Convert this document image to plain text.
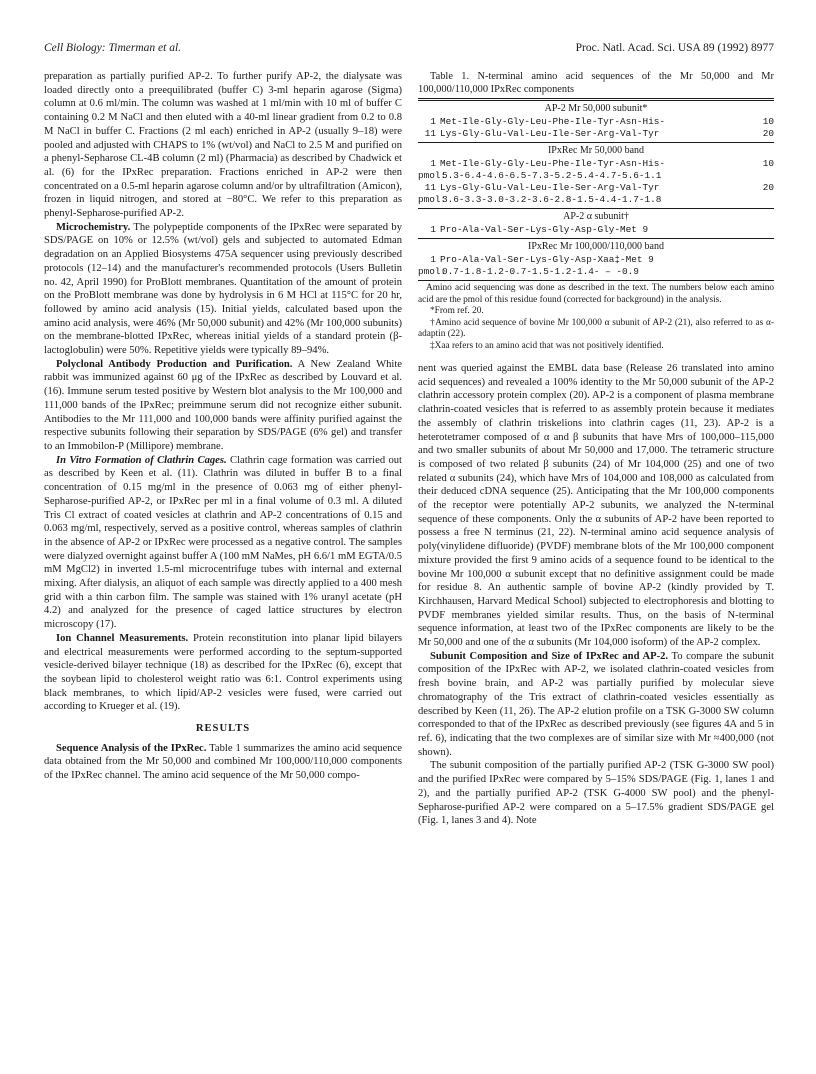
Cell Biology: Timerman et al.	Proc. Natl. Acad. Sci. USA 89 (1992) 8977

preparation as partially purified AP-2. To further purify AP-2, the dialysate was loaded directly onto a preequilibrated (buffer C) 3-ml heparin agarose (Sigma) column at 0.6 ml/min. The column was washed at 1 ml/min with 10 ml of buffer C containing 0.2 M NaCl and then eluted with a 40-ml linear gradient from 0.2 to 0.8 M NaCl in buffer C. Fractions (2 ml each) enriched in AP-2 (usually 9–18) were pooled and adjusted with CHAPS to 1% (wt/vol) and NaCl to 2.5 M and purified on a phenyl-Sepharose CL-4B column (2 ml) (Pharmacia) as described by Chadwick et al. (6) for the IPxRec preparation. Fractions enriched in AP-2 were then concentrated on a 0.5-ml heparin agarose column and/or by ultrafiltration (Amicon), frozen in liquid nitrogen, and stored at −80°C. We refer to this preparation as phenyl-Sepharose-purified AP-2.

Microchemistry. The polypeptide components of the IPxRec were separated by SDS/PAGE on 10% or 12.5% (wt/vol) gels and subjected to automated Edman degradation on an Applied Biosystems 475A sequencer using previously described protocols (12–14) and the manufacturer's recommended protocols (Users Bulletin no. 42, April 1990) for ProBlott membranes. Quantitation of the amount of protein on the ProBlott membrane was done by hydrolysis in 6 M HCl at 115°C for 20 hr, followed by amino acid analysis (15). Initial yields, calculated based upon the amino acid analysis, were 46% (Mr 50,000 subunit) and 42% (Mr 100,000 subunits) on the membrane-blotted IPxRec, whereas initial yields of a standard protein (β-lactoglobulin) were 50%. Repetitive yields were typically 89–94%.

Polyclonal Antibody Production and Purification. A New Zealand White rabbit was immunized against 60 μg of the IPxRec as described by Louvard et al. (16). Immune serum tested positive by Western blot analysis to the Mr 100,000 and 111,000 bands of the IPxRec; preimmune serum did not recognize either subunit. Antibodies to the Mr 111,000 and 100,000 bands were affinity purified against the respective subunits following their separation by SDS/PAGE (6% gel) and transfer to an Immobilon-P (Millipore) membrane.

In Vitro Formation of Clathrin Cages. Clathrin cage formation was carried out as described by Keen et al. (11). Clathrin was diluted in buffer B to a final concentration of 0.15 mg/ml in the presence of 0.063 mg of either phenyl-Sepharose-purified AP-2, or IPxRec per ml in a final volume of 0.3 ml. A diluted Tris Cl extract of coated vesicles at clathrin and AP-2 concentrations of 0.15 and 0.063 mg/ml, respectively, served as a positive control, whereas samples of clathrin in the absence of AP-2 or IPxRec were processed as a negative control. The samples were dialyzed overnight against buffer A (100 mM NaMes, pH 6.6/1 mM EGTA/0.5 mM MgCl2) in inverted 1.5-ml microcentrifuge tubes with internal and external mixing. After dialysis, an aliquot of each sample was directly applied to a 400 mesh grid with a thin carbon film. The sample was stained with 1% uranyl acetate (pH 4.2) and analyzed for the presence of caged lattice structures by electron microscopy (17).

Ion Channel Measurements. Protein reconstitution into planar lipid bilayers and electrical measurements were performed according to the septum-supported vesicle-derived bilayer technique (18) as described for the IPxRec (6), except that the soybean lipid to cholesterol weight ratio was 6:1. Control experiments using black membranes, to which lipid/AP-2 vesicles were fused, were carried out according to Krueger et al. (19).

RESULTS

Sequence Analysis of the IPxRec. Table 1 summarizes the amino acid sequence data obtained from the Mr 50,000 and combined Mr 100,000/110,000 components of the IPxRec channel. The amino acid sequence of the Mr 50,000 compo-

Table 1. N-terminal amino acid sequences of the Mr 50,000 and Mr 100,000/110,000 IPxRec components

AP-2 Mr 50,000 subunit*
1 Met-Ile-Gly-Gly-Leu-Phe-Ile-Tyr-Asn-His-	10
11 Lys-Gly-Glu-Val-Leu-Ile-Ser-Arg-Val-Tyr	20
IPxRec Mr 50,000 band
1 Met-Ile-Gly-Gly-Leu-Phe-Ile-Tyr-Asn-His-	10
pmol:
5.3-6.4-4.6-6.5-7.3-5.2-5.4-4.7-5.6-1.1
11 Lys-Gly-Glu-Val-Leu-Ile-Ser-Arg-Val-Tyr	20
pmol:
3.6-3.3-3.0-3.2-3.6-2.8-1.5-4.4-1.7-1.8
AP-2 α subunit†
1 Pro-Ala-Val-Ser-Lys-Gly-Asp-Gly-Met 9
IPxRec Mr 100,000/110,000 band
1 Pro-Ala-Val-Ser-Lys-Gly-Asp-Xaa‡-Met 9
pmol:
0.7-1.8-1.2-0.7-1.5-1.2-1.4- – -0.9

Amino acid sequencing was done as described in the text. The numbers below each amino acid are the pmol of this residue found (corrected for background) in the analysis.

*From ref. 20.

†Amino acid sequence of bovine Mr 100,000 α subunit of AP-2 (21), also referred to as α-adaptin (22).

‡Xaa refers to an amino acid that was not positively identified.

nent was queried against the EMBL data base (Release 26 translated into amino acid sequences) and revealed a 100% identity to the Mr 50,000 subunit of the AP-2 clathrin accessory protein complex (20). AP-2 is a component of plasma membrane clathrin-coated vesicles that is referred to as assembly protein because it mediates the assembly of clathrin triskelions into clathrin cages (11, 23). AP-2 is a heterotetramer composed of α and β subunits that have Mrs of 100,000–115,000 and two smaller subunits of about Mr 50,000 and 17,000. The tetrameric structure is composed of two related β subunits (24) of Mr 104,000 (25) and one of two related α subunits (24), which have Mrs of 104,000 and 108,000 as calculated from their deduced cDNA sequence (25). Anticipating that the Mr 100,000 components of the receptor were potentially AP-2 subunits, we analyzed the N-terminal sequence of these components. Only the α subunits of AP-2 have been reported to possess a free N terminus (21, 22). N-terminal amino acid sequence analysis of poly(vinylidene difluoride) (PVDF) membrane blots of the Mr 100,000 component mixture provided the first 9 amino acids of a sequence found to be identical to the bovine Mr 100,000 α subunit except that no definitive assignment could be made for residue 8. An authentic sample of bovine AP-2 (kindly provided by T. Kirchhausen, Harvard Medical School) subjected to electrophoresis and blotting to PVDF membranes yielded similar results. Thus, on the basis of N-terminal sequence information, at least two of the IPxRec components are likely to be the Mr 50,000 and one of the α subunits (Mr 104,000 isoform) of the AP-2 complex.

Subunit Composition and Size of IPxRec and AP-2. To compare the subunit composition of the IPxRec with AP-2, we isolated clathrin-coated vesicles from fresh bovine brain, and AP-2 was partially purified by molecular sieve chromatography of the Tris extract of clathrin-coated vesicles essentially as described by Keen (11, 26). The AP-2 elution profile on a TSK G-3000 SW column corresponded to that of the IPxRec as described previously (see figures 4A and 5 in ref. 6), indicating that the two complexes are of similar size with Mr ≈400,000 (not shown).

The subunit composition of the partially purified AP-2 (TSK G-3000 SW pool) and the purified IPxRec were compared by 5–15% SDS/PAGE (Fig. 1, lanes 1 and 2), and the partially purified AP-2 (TSK G-4000 SW pool) and the phenyl-Sepharose-purified AP-2 were compared on a 5–17.5% gradient SDS/PAGE gel (Fig. 1, lanes 3 and 4). Note
